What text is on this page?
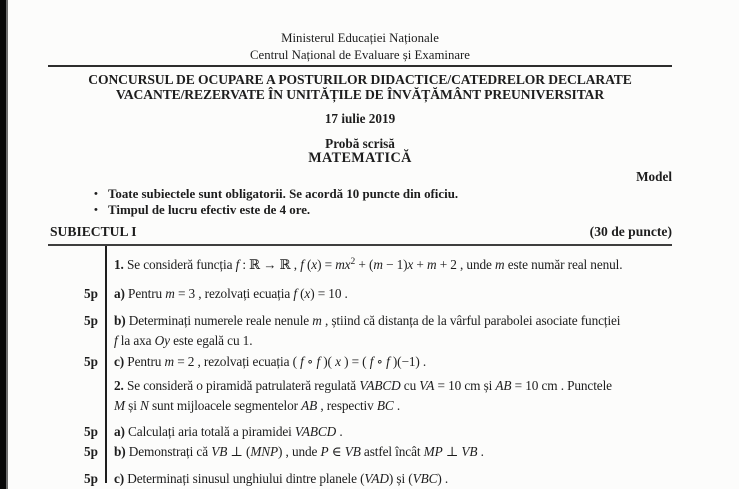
Ministerul Educației Naționale
Centrul Național de Evaluare și Examinare
CONCURSUL DE OCUPARE A POSTURILOR DIDACTICE/CATEDRELOR DECLARATE
VACANTE/REZERVATE ÎN UNITĂȚILE DE ÎNVĂȚĂMÂNT PREUNIVERSITAR
17 iulie 2019
Probă scrisă
MATEMATICĂ
Model
• Toate subiectele sunt obligatorii. Se acordă 10 puncte din oficiu.
• Timpul de lucru efectiv este de 4 ore.
SUBIECTUL I	(30 de puncte)
1. Se consideră funcția f : ℝ → ℝ , f $(x) = mx^2 + (m - 1)x + m + 2$ , unde m este număr real nenul.
5p	a) Pentru m = 3 , rezolvați ecuația f (x) = 10 .
5p	b) Determinați numerele reale nenule m , știind că distanța de la vârful parabolei asociate funcției
f la axa Oy este egală cu 1.
5p	c) Pentru m = 2 , rezolvați ecuația ( f ∘ f )( x ) = ( f ∘ f )(−1) .
2. Se consideră o piramidă patrulateră regulată VABCD cu VA = 10 cm și AB = 10 cm . Punctele
M și N sunt mijloacele segmentelor AB , respectiv BC .
5p	a) Calculați aria totală a piramidei VABCD .
5p	b) Demonstrați că VB ⊥ (MNP) , unde P ∈ VB astfel încât MP ⊥ VB .
5p	c) Determinați sinusul unghiului dintre planele (VAD) și (VBC) .
